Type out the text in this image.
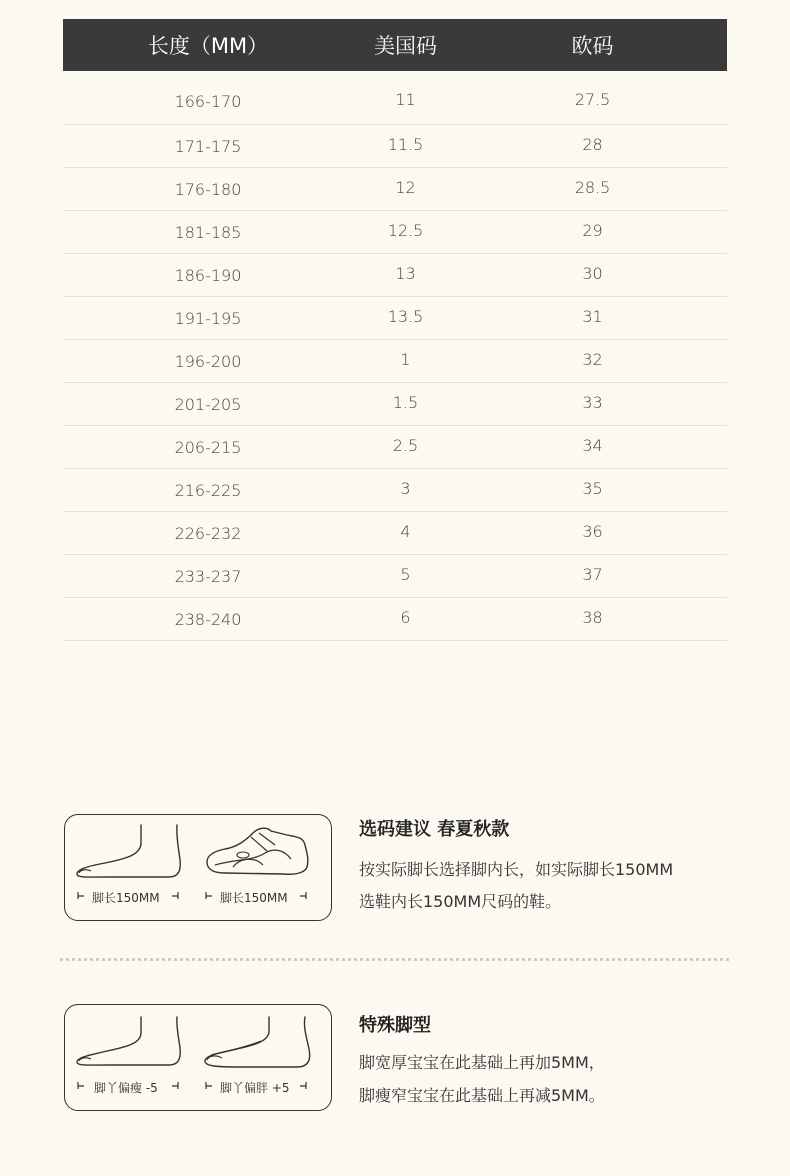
长度（MM）	美国码	欧码
166-170	11	27.5
171-175	11.5	28
176-180	12	28.5
181-185	12.5	29
186-190	13	30
191-195	13.5	31
196-200	1	32
201-205	1.5	33
206-215	2.5	34
216-225	3	35
226-232	4	36
233-237	5	37
238-240	6	38
脚长150MM	脚长150MM
选码建议 春夏秋款
按实际脚长选择脚内长，如实际脚长150MM
选鞋内长150MM尺码的鞋。
脚丫偏瘦 -5	脚丫偏胖 +5
特殊脚型
脚宽厚宝宝在此基础上再加5MM，
脚瘦窄宝宝在此基础上再减5MM。
